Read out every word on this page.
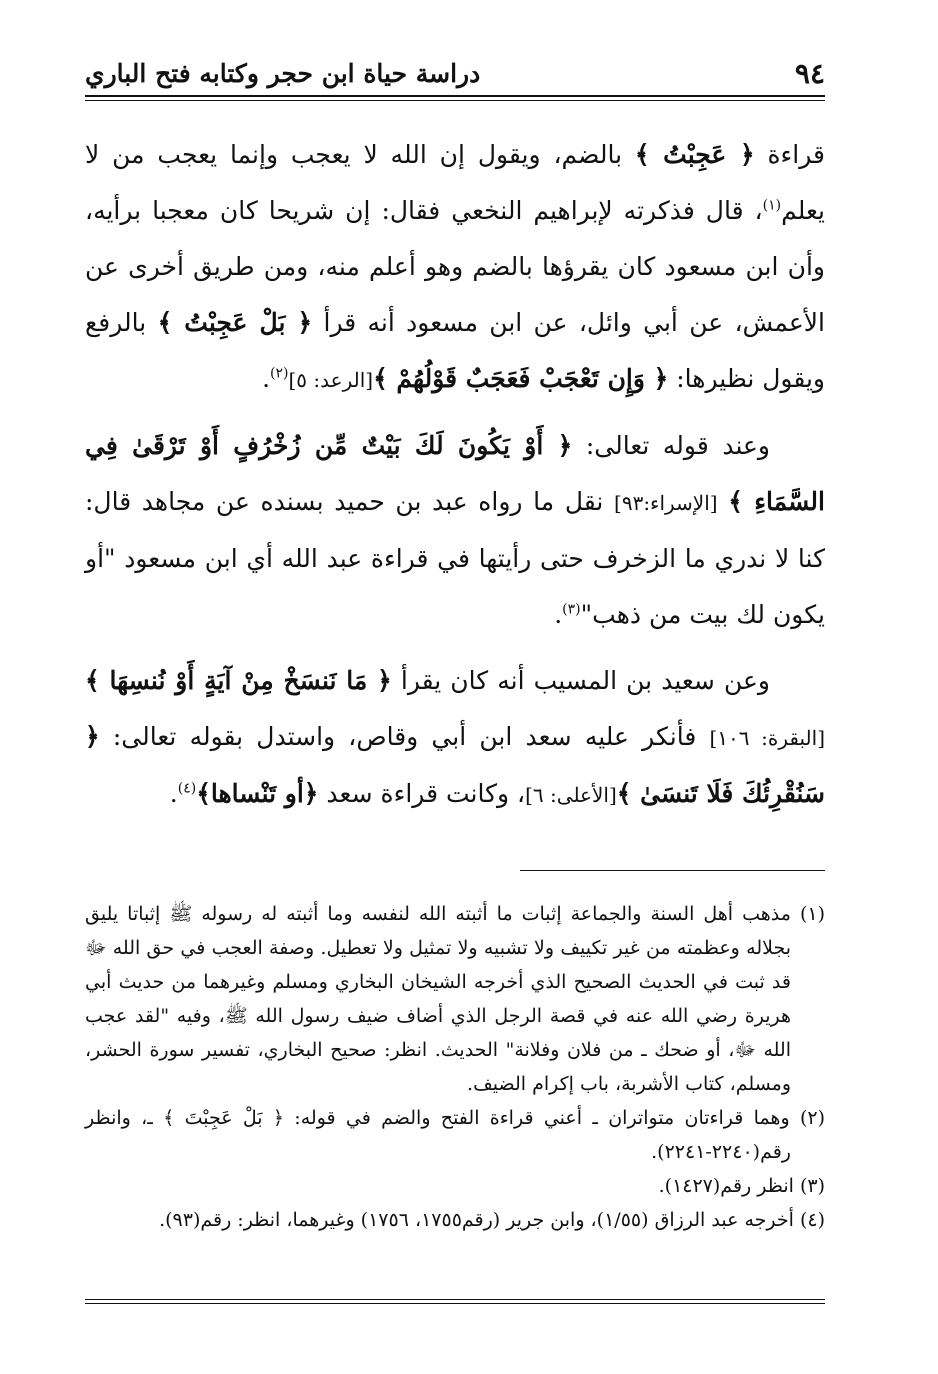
٩٤
دراسة حياة ابن حجر وكتابه فتح الباري

قراءة ﴿ عَجِبْتُ ﴾ بالضم، ويقول إن الله لا يعجب وإنما يعجب من لا يعلم$^{(١)}$، قال فذكرته لإبراهيم النخعي فقال: إن شريحا كان معجبا برأيه، وأن ابن مسعود كان يقرؤها بالضم وهو أعلم منه، ومن طريق أخرى عن الأعمش، عن أبي وائل، عن ابن مسعود أنه قرأ ﴿ بَلْ عَجِبْتُ ﴾ بالرفع ويقول نظيرها: ﴿ وَإِن تَعْجَبْ فَعَجَبٌ قَوْلُهُمْ ﴾[الرعد: ٥]$^{(٢)}$.

وعند قوله تعالى: ﴿ أَوْ يَكُونَ لَكَ بَيْتٌ مِّن زُخْرُفٍ أَوْ تَرْقَىٰ فِي السَّمَاءِ ﴾ [الإسراء:٩٣] نقل ما رواه عبد بن حميد بسنده عن مجاهد قال: كنا لا ندري ما الزخرف حتى رأيتها في قراءة عبد الله أي ابن مسعود "أو يكون لك بيت من ذهب"$^{(٣)}$.

وعن سعيد بن المسيب أنه كان يقرأ ﴿ مَا نَنسَخْ مِنْ آيَةٍ أَوْ نُنسِهَا ﴾[البقرة: ١٠٦] فأنكر عليه سعد ابن أبي وقاص، واستدل بقوله تعالى: ﴿ سَنُقْرِئُكَ فَلَا تَنسَىٰ ﴾[الأعلى: ٦]، وكانت قراءة سعد ﴿أو تَنْساها﴾$^{(٤)}$.

(١) مذهب أهل السنة والجماعة إثبات ما أثبته الله لنفسه وما أثبته له رسوله ﷺ إثباتا يليق بجلاله وعظمته من غير تكييف ولا تشبيه ولا تمثيل ولا تعطيل. وصفة العجب في حق الله ﷻ قد ثبت في الحديث الصحيح الذي أخرجه الشيخان البخاري ومسلم وغيرهما من حديث أبي هريرة رضي الله عنه في قصة الرجل الذي أضاف ضيف رسول الله ﷺ، وفيه "لقد عجب الله ﷻ، أو ضحك ـ من فلان وفلانة" الحديث. انظر: صحيح البخاري، تفسير سورة الحشر، ومسلم، كتاب الأشربة، باب إكرام الضيف.

(٢) وهما قراءتان متواتران ـ أعني قراءة الفتح والضم في قوله: ﴿ بَلْ عَجِبْتَ ﴾ ـ، وانظر رقم(٢٢٤٠-٢٢٤١).

(٣) انظر رقم(١٤٢٧).

(٤) أخرجه عبد الرزاق (١/٥٥)، وابن جرير (رقم١٧٥٥، ١٧٥٦) وغيرهما، انظر: رقم(٩٣).
